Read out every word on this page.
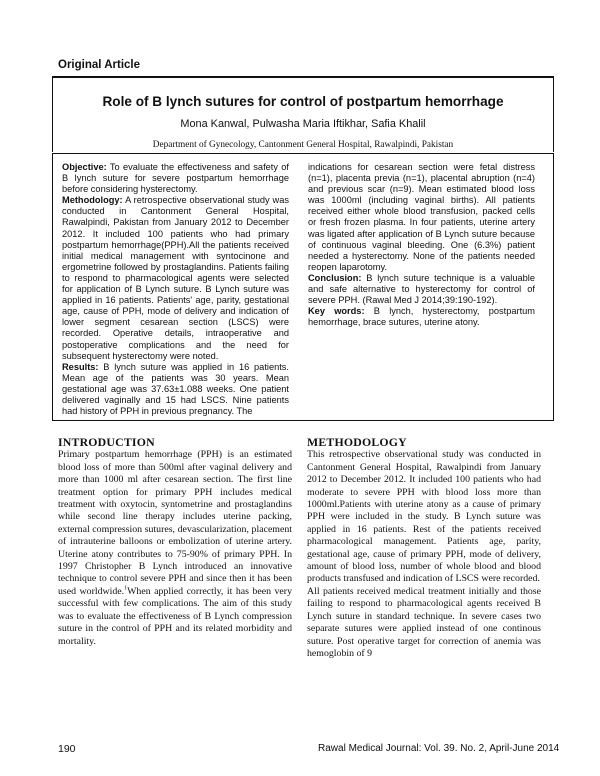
Original Article
Role of B lynch sutures for control of postpartum hemorrhage
Mona Kanwal, Pulwasha Maria Iftikhar, Safia Khalil
Department of Gynecology, Cantonment General Hospital, Rawalpindi, Pakistan

Objective: To evaluate the effectiveness and safety of B lynch suture for severe postpartum hemorrhage before considering hysterectomy.

Methodology: A retrospective observational study was conducted in Cantonment General Hospital, Rawalpindi, Pakistan from January 2012 to December 2012. It included 100 patients who had primary postpartum hemorrhage(PPH).All the patients received initial medical management with syntocinone and ergometrine followed by prostaglandins. Patients failing to respond to pharmacological agents were selected for application of B Lynch suture. B Lynch suture was applied in 16 patients. Patients' age, parity, gestational age, cause of PPH, mode of delivery and indication of lower segment cesarean section (LSCS) were recorded. Operative details, intraoperative and postoperative complications and the need for subsequent hysterectomy were noted.

Results: B lynch suture was applied in 16 patients. Mean age of the patients was 30 years. Mean gestational age was 37.63±1.088 weeks. One patient delivered vaginally and 15 had LSCS. Nine patients had history of PPH in previous pregnancy. The

indications for cesarean section were fetal distress (n=1), placenta previa (n=1), placental abruption (n=4) and previous scar (n=9). Mean estimated blood loss was 1000ml (including vaginal births). All patients received either whole blood transfusion, packed cells or fresh frozen plasma. In four patients, uterine artery was ligated after application of B Lynch suture because of continuous vaginal bleeding. One (6.3%) patient needed a hysterectomy. None of the patients needed reopen laparotomy.

Conclusion: B lynch suture technique is a valuable and safe alternative to hysterectomy for control of severe PPH. (Rawal Med J 2014;39:190-192).

Key words: B lynch, hysterectomy, postpartum hemorrhage, brace sutures, uterine atony.

INTRODUCTION

Primary postpartum hemorrhage (PPH) is an estimated blood loss of more than 500ml after vaginal delivery and more than 1000 ml after cesarean section. The first line treatment option for primary PPH includes medical treatment with oxytocin, syntometrine and prostaglandins while second line therapy includes uterine packing, external compression sutures, devascularization, placement of intrauterine balloons or embolization of uterine artery. Uterine atony contributes to 75-90% of primary PPH. In 1997 Christopher B Lynch introduced an innovative technique to control severe PPH and since then it has been used worldwide.$^1$When applied correctly, it has been very successful with few complications. The aim of this study was to evaluate the effectiveness of B Lynch compression suture in the control of PPH and its related morbidity and mortality.

METHODOLOGY

This retrospective observational study was conducted in Cantonment General Hospital, Rawalpindi from January 2012 to December 2012. It included 100 patients who had moderate to severe PPH with blood loss more than 1000ml.Patients with uterine atony as a cause of primary PPH were included in the study. B Lynch suture was applied in 16 patients. Rest of the patients received pharmacological management. Patients age, parity, gestational age, cause of primary PPH, mode of delivery, amount of blood loss, number of whole blood and blood products transfused and indication of LSCS were recorded.

All patients received medical treatment initially and those failing to respond to pharmacological agents received B Lynch suture in standard technique. In severe cases two separate sutures were applied instead of one continous suture. Post operative target for correction of anemia was hemoglobin of 9

190	Rawal Medical Journal: Vol. 39. No. 2, April-June 2014
